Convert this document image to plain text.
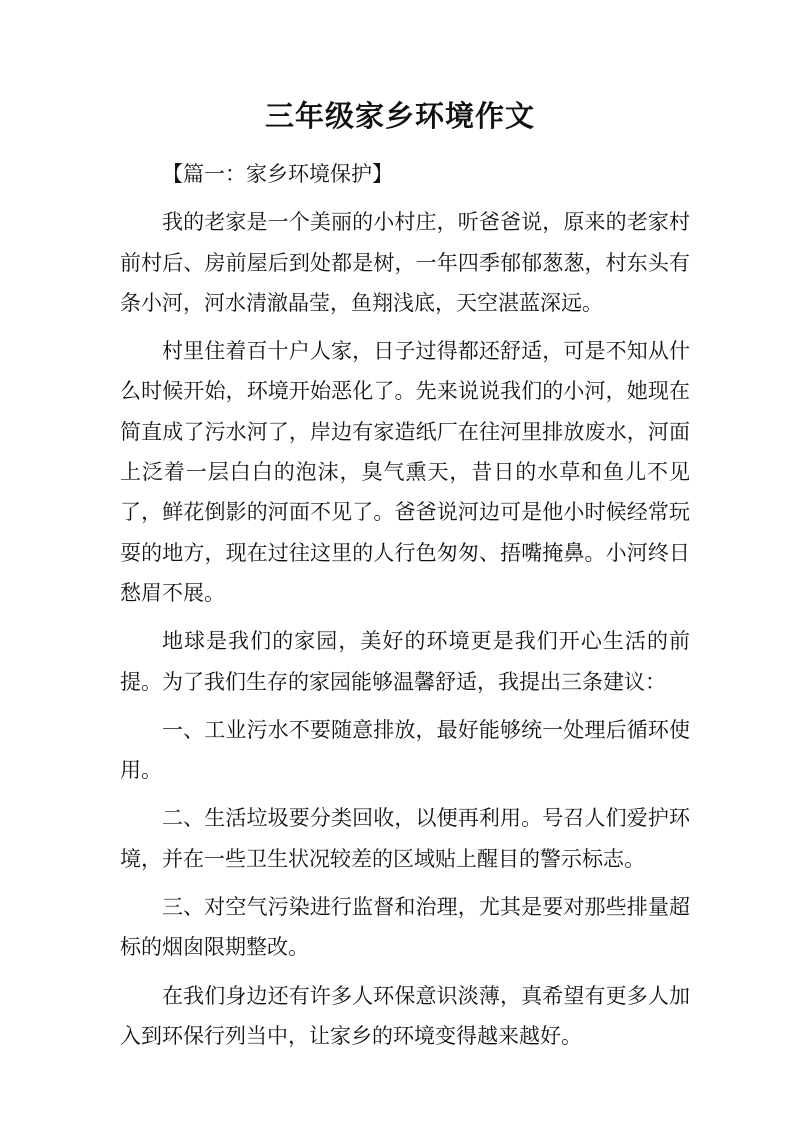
三年级家乡环境作文

【篇一：家乡环境保护】

我的老家是一个美丽的小村庄，听爸爸说，原来的老家村前村后、房前屋后到处都是树，一年四季郁郁葱葱，村东头有条小河，河水清澈晶莹，鱼翔浅底，天空湛蓝深远。

村里住着百十户人家，日子过得都还舒适，可是不知从什么时候开始，环境开始恶化了。先来说说我们的小河，她现在简直成了污水河了，岸边有家造纸厂在往河里排放废水，河面上泛着一层白白的泡沫，臭气熏天，昔日的水草和鱼儿不见了，鲜花倒影的河面不见了。爸爸说河边可是他小时候经常玩耍的地方，现在过往这里的人行色匆匆、捂嘴掩鼻。小河终日愁眉不展。

地球是我们的家园，美好的环境更是我们开心生活的前提。为了我们生存的家园能够温馨舒适，我提出三条建议：

一、工业污水不要随意排放，最好能够统一处理后循环使用。

二、生活垃圾要分类回收，以便再利用。号召人们爱护环境，并在一些卫生状况较差的区域贴上醒目的警示标志。

三、对空气污染进行监督和治理，尤其是要对那些排量超标的烟囱限期整改。

在我们身边还有许多人环保意识淡薄，真希望有更多人加入到环保行列当中，让家乡的环境变得越来越好。
